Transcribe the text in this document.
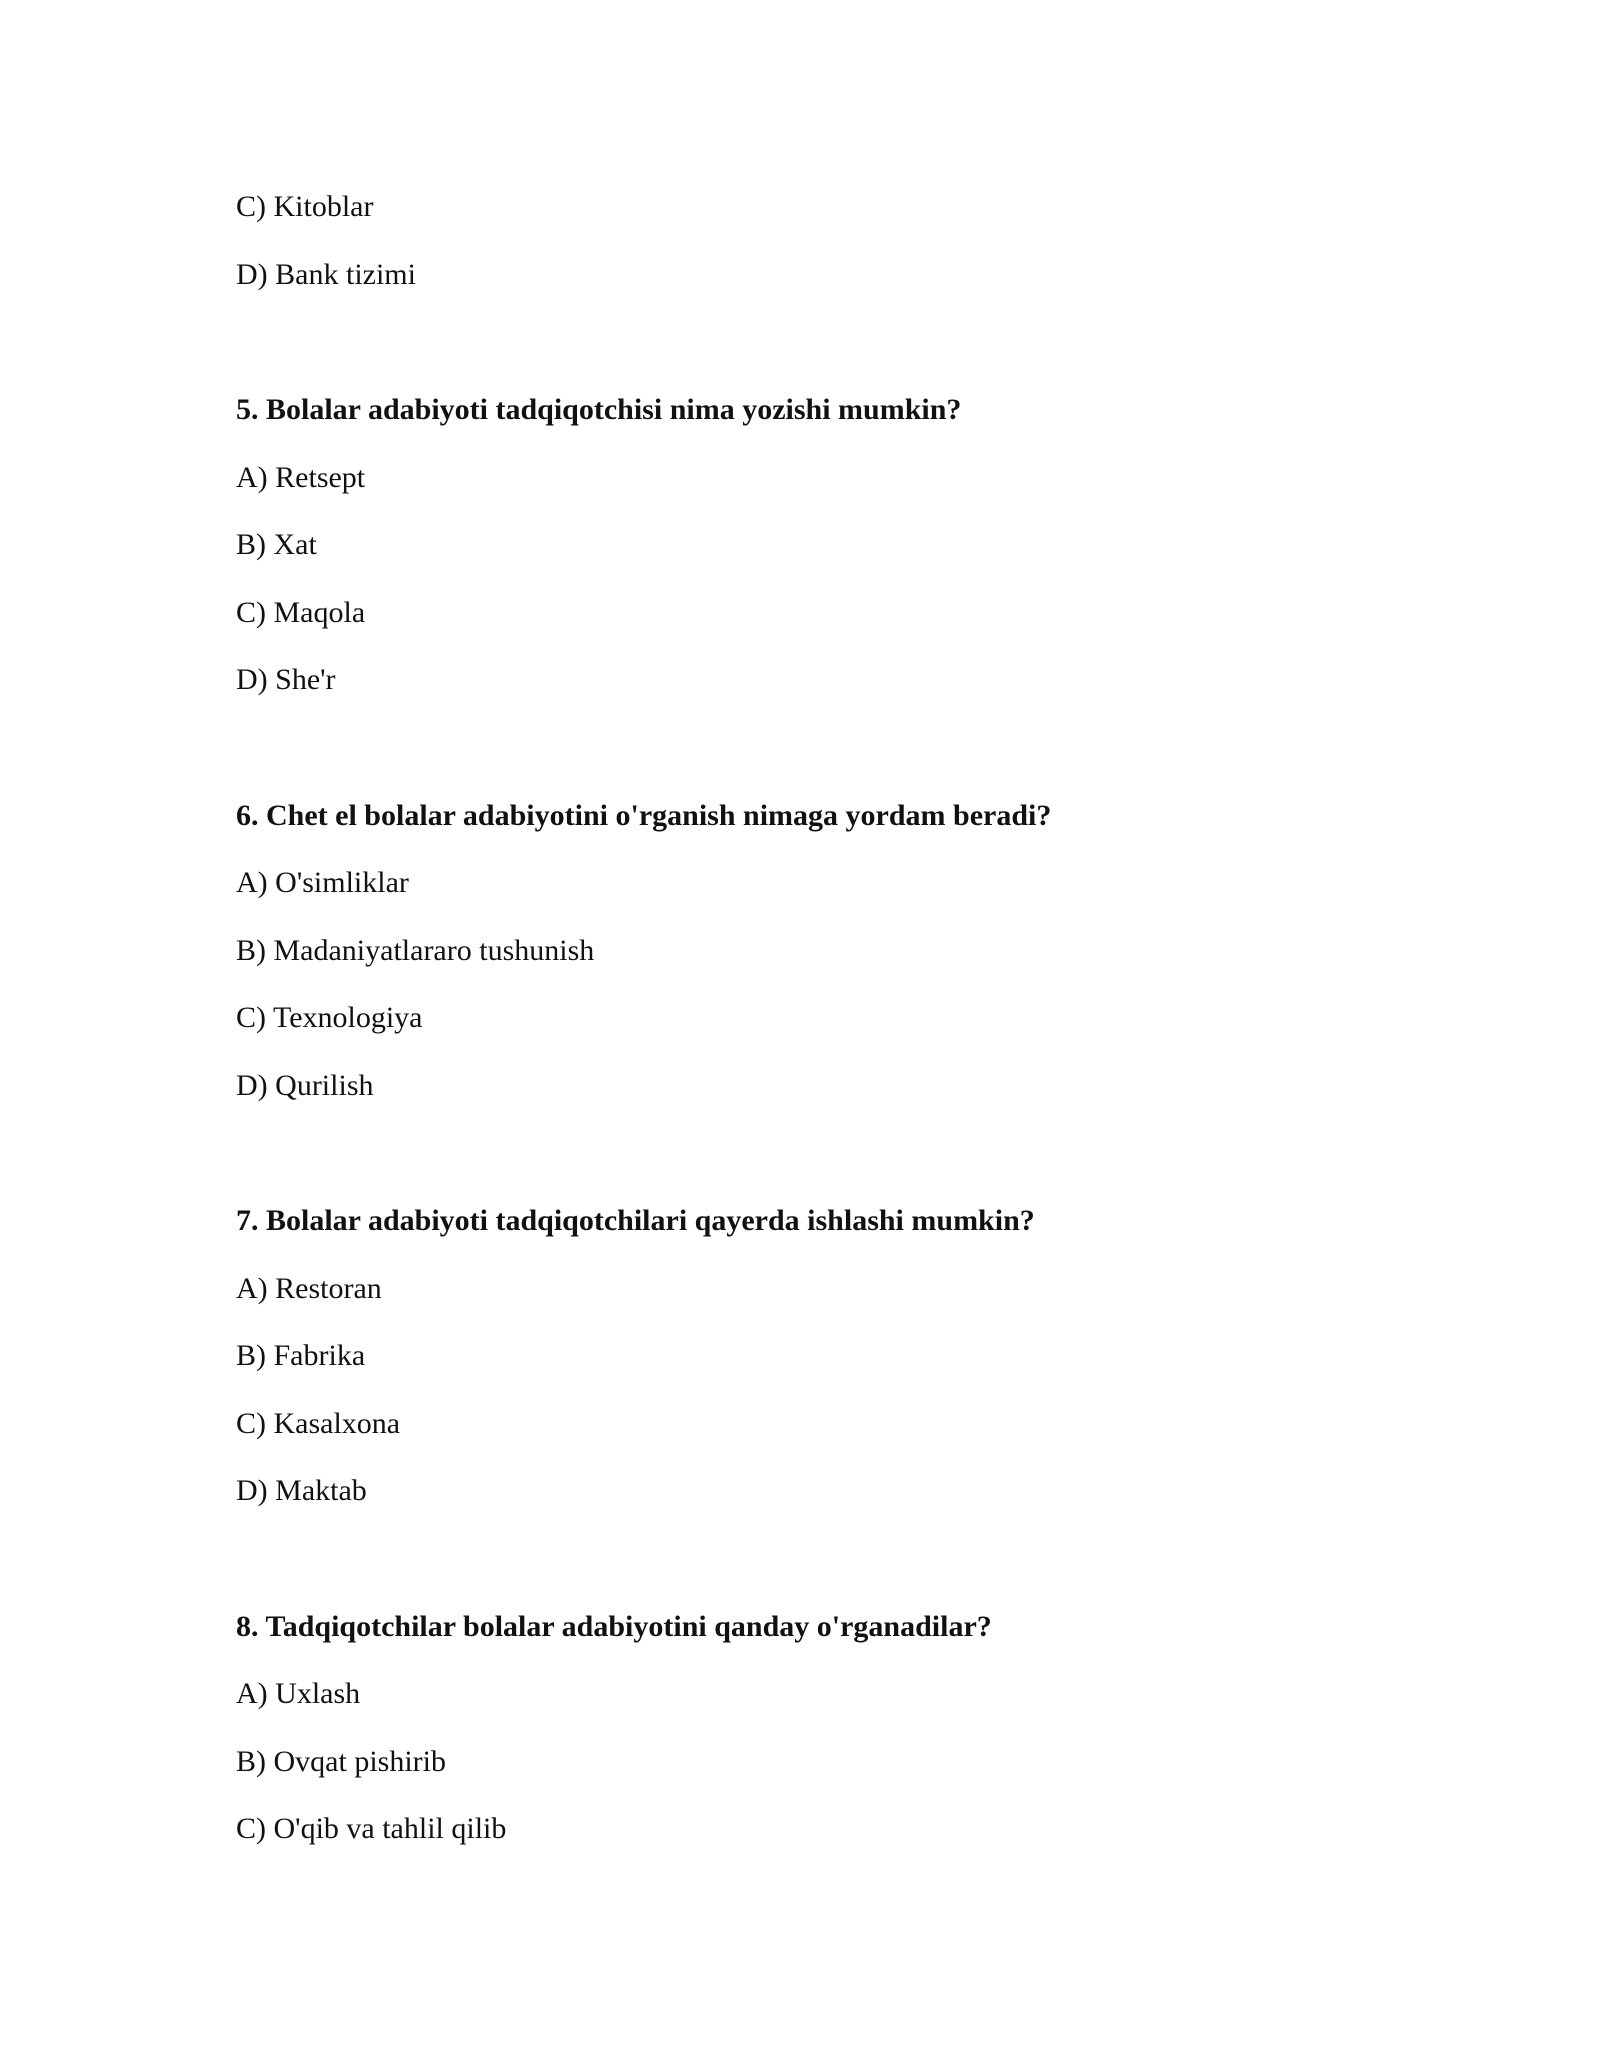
C) Kitoblar
D) Bank tizimi
5. Bolalar adabiyoti tadqiqotchisi nima yozishi mumkin?
A) Retsept
B) Xat
C) Maqola
D) She'r
6. Chet el bolalar adabiyotini o'rganish nimaga yordam beradi?
A) O'simliklar
B) Madaniyatlararo tushunish
C) Texnologiya
D) Qurilish
7. Bolalar adabiyoti tadqiqotchilari qayerda ishlashi mumkin?
A) Restoran
B) Fabrika
C) Kasalxona
D) Maktab
8. Tadqiqotchilar bolalar adabiyotini qanday o'rganadilar?
A) Uxlash
B) Ovqat pishirib
C) O'qib va tahlil qilib
